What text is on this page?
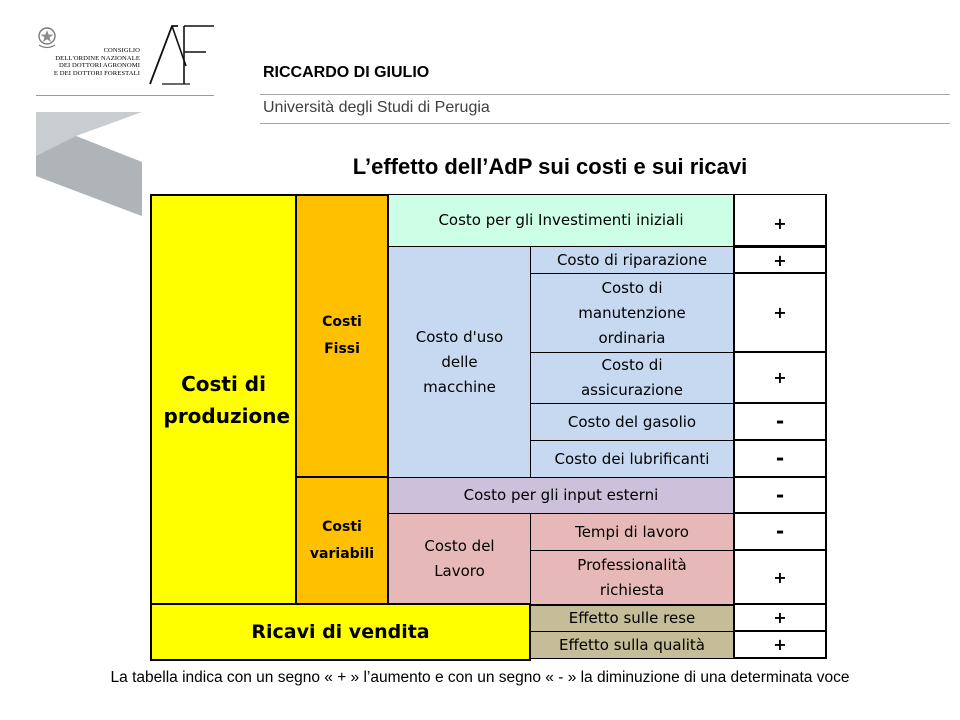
CONSIGLIO
DELL'ORDINE NAZIONALE
DEI DOTTORI AGRONOMI
E DEI DOTTORI FORESTALI	RICCARDO DI GIULIO
Università degli Studi di Perugia
L’effetto dell’AdP sui costi e sui ricavi
Costi di produzione
Costi Fissi
Costi variabili
Costo per gli Investimenti iniziali
Costo d'uso delle macchine
Costo di riparazione
Costo di manutenzione ordinaria
Costo di assicurazione
Costo del gasolio
Costo dei lubrificanti
Costo per gli input esterni
Costo del Lavoro
Tempi di lavoro
Professionalità richiesta
Ricavi di vendita
Effetto sulle rese
Effetto sulla qualità
+
+
+
+
-
-
-
-
+
+
+
La tabella indica con un segno « + » l’aumento e con un segno « - » la diminuzione di una determinata voce
